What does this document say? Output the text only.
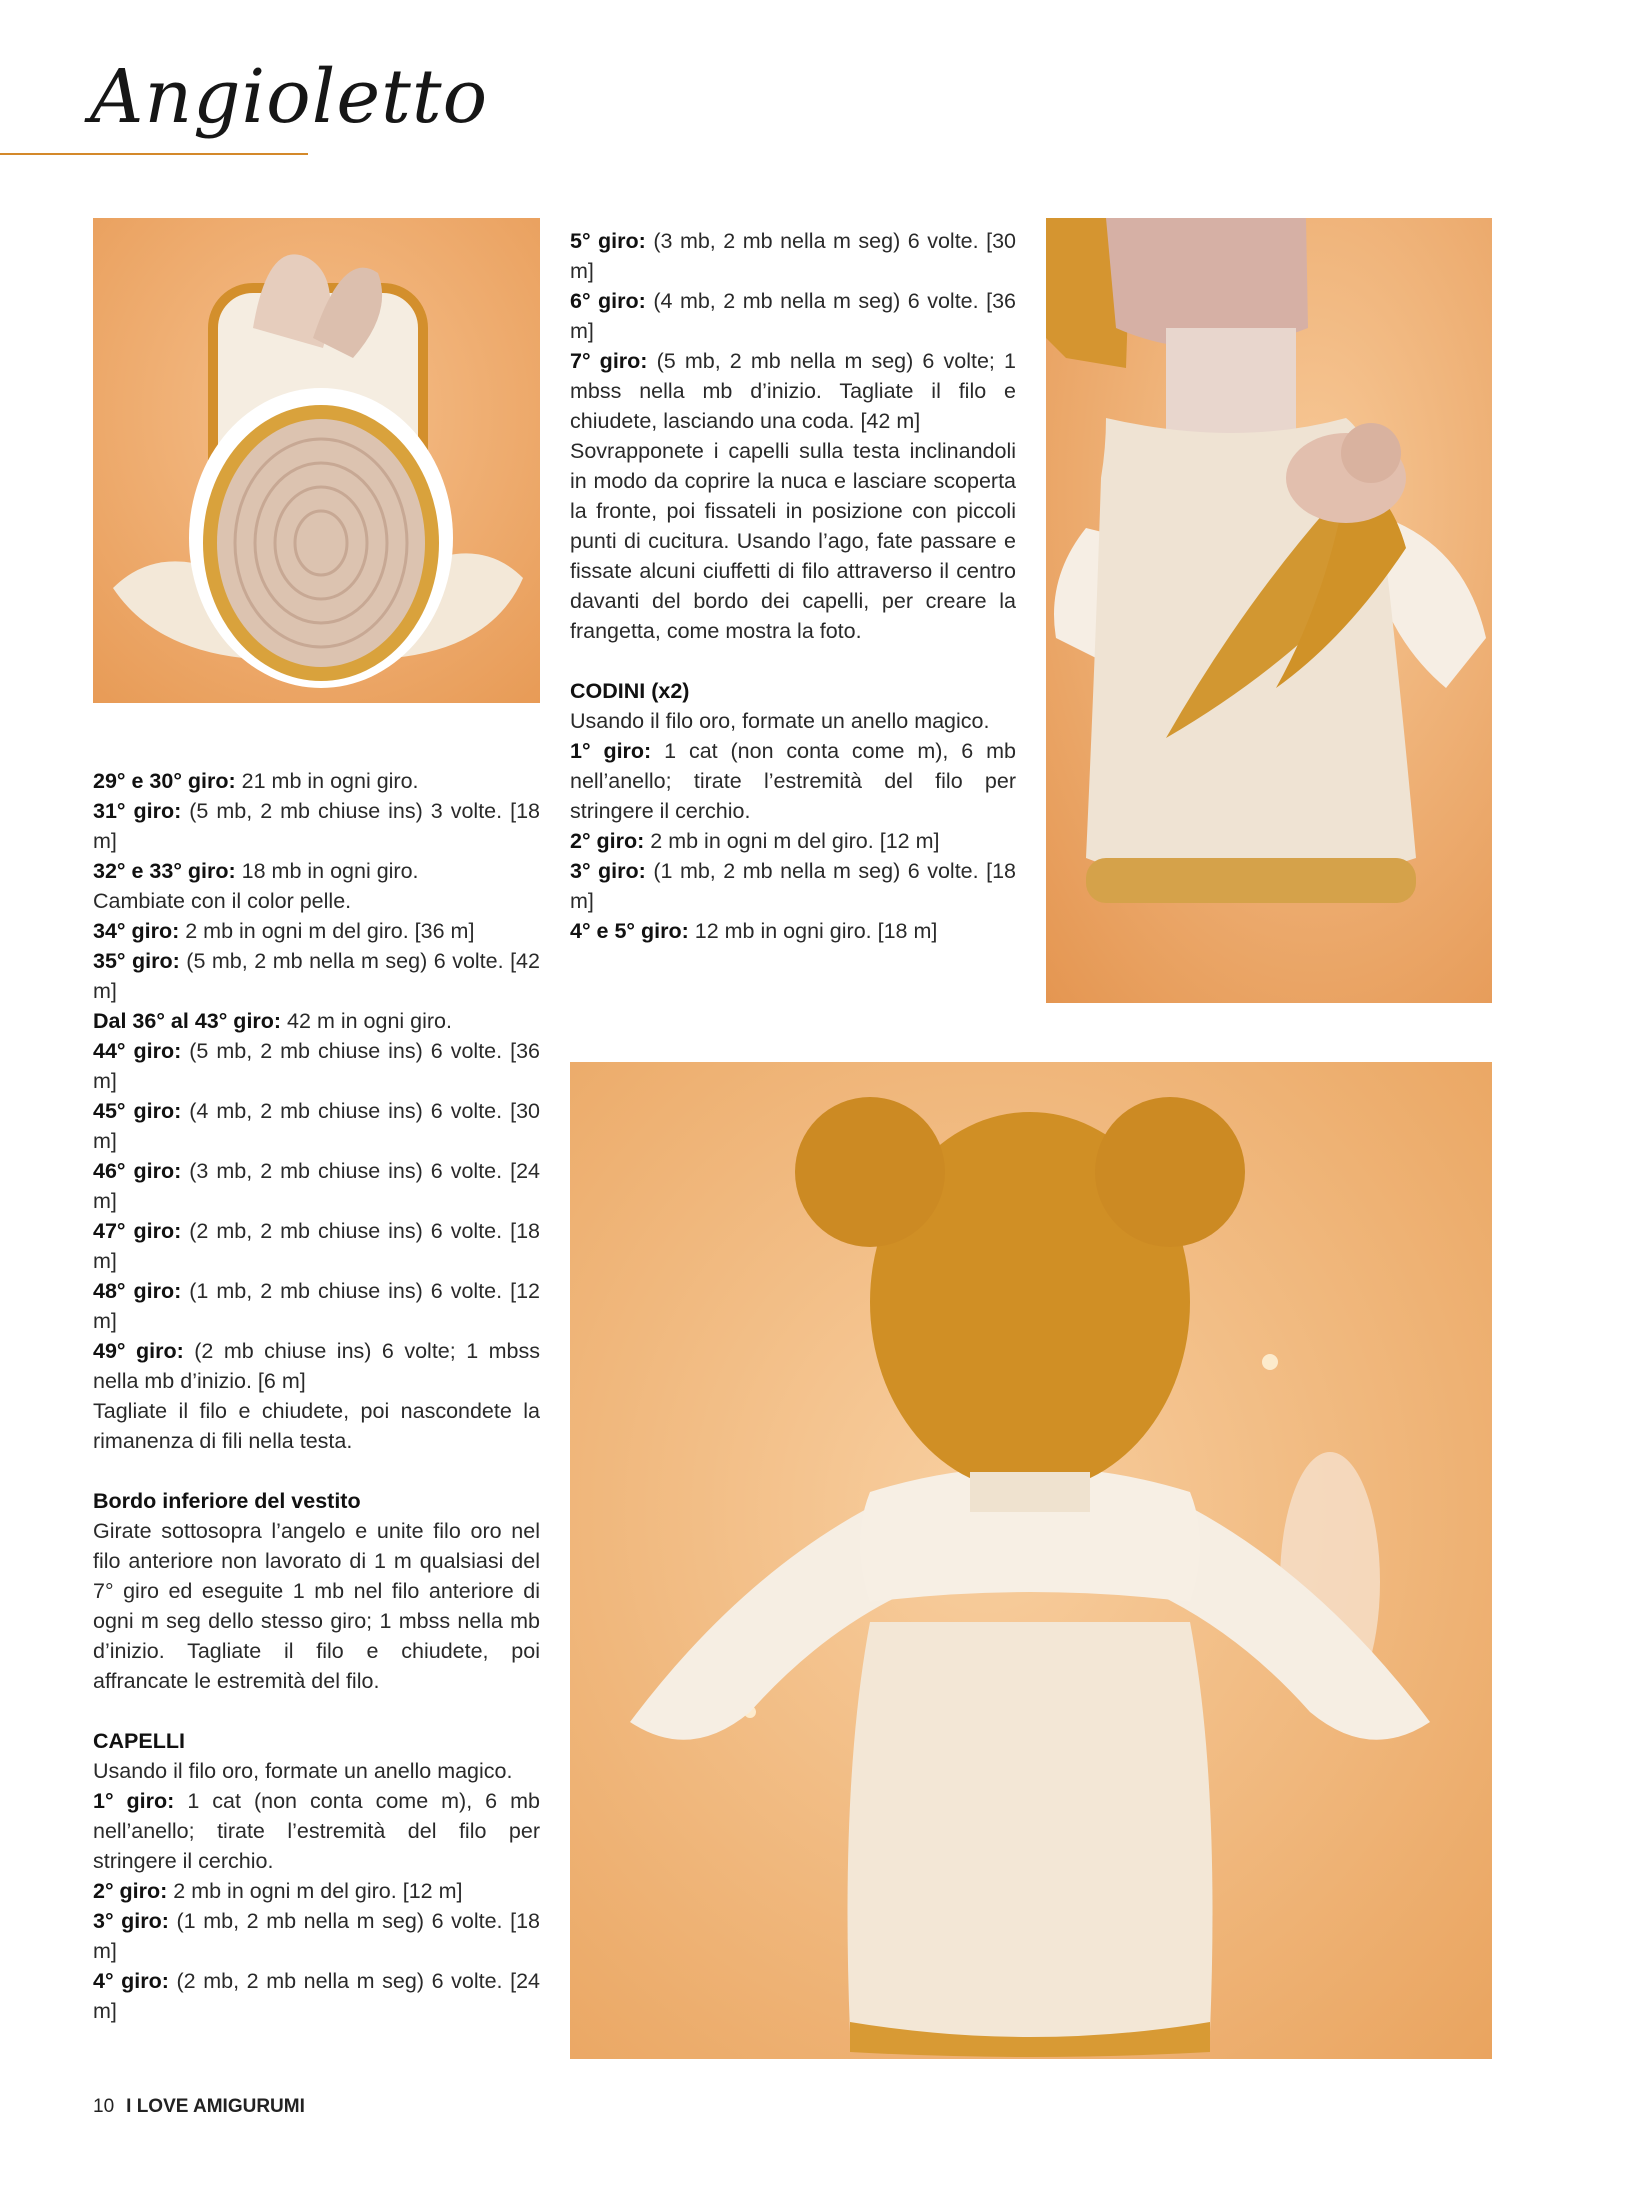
Angioletto

29° e 30° giro: 21 mb in ogni giro.

31° giro: (5 mb, 2 mb chiuse ins) 3 volte. [18 m]

32° e 33° giro: 18 mb in ogni giro.

Cambiate con il color pelle.

34° giro: 2 mb in ogni m del giro. [36 m]

35° giro: (5 mb, 2 mb nella m seg) 6 volte. [42 m]

Dal 36° al 43° giro: 42 m in ogni giro.

44° giro: (5 mb, 2 mb chiuse ins) 6 volte. [36 m]

45° giro: (4 mb, 2 mb chiuse ins) 6 volte. [30 m]

46° giro: (3 mb, 2 mb chiuse ins) 6 volte. [24 m]

47° giro: (2 mb, 2 mb chiuse ins) 6 volte. [18 m]

48° giro: (1 mb, 2 mb chiuse ins) 6 volte. [12 m]

49° giro: (2 mb chiuse ins) 6 volte; 1 mbss nella mb d’inizio. [6 m]

Tagliate il filo e chiudete, poi nascondete la rimanenza di fili nella testa.

Bordo inferiore del vestito

Girate sottosopra l’angelo e unite filo oro nel filo anteriore non lavorato di 1 m qualsiasi del 7° giro ed eseguite 1 mb nel filo anteriore di ogni m seg dello stesso giro; 1 mbss nella mb d’inizio. Tagliate il filo e chiudete, poi affrancate le estremità del filo.

CAPELLI

Usando il filo oro, formate un anello magico.

1° giro: 1 cat (non conta come m), 6 mb nell’anello; tirate l’estremità del filo per stringere il cerchio.

2° giro: 2 mb in ogni m del giro. [12 m]

3° giro: (1 mb, 2 mb nella m seg) 6 volte. [18 m]

4° giro: (2 mb, 2 mb nella m seg) 6 volte. [24 m]

5° giro: (3 mb, 2 mb nella m seg) 6 volte. [30 m]

6° giro: (4 mb, 2 mb nella m seg) 6 volte. [36 m]

7° giro: (5 mb, 2 mb nella m seg) 6 volte; 1 mbss nella mb d’inizio. Tagliate il filo e chiudete, lasciando una coda. [42 m]

Sovrapponete i capelli sulla testa inclinandoli in modo da coprire la nuca e lasciare scoperta la fronte, poi fissateli in posizione con piccoli punti di cucitura. Usando l’ago, fate passare e fissate alcuni ciuffetti di filo attraverso il centro davanti del bordo dei capelli, per creare la frangetta, come mostra la foto.

CODINI (x2)

Usando il filo oro, formate un anello magico.

1° giro: 1 cat (non conta come m), 6 mb nell’anello; tirate l’estremità del filo per stringere il cerchio.

2° giro: 2 mb in ogni m del giro. [12 m]

3° giro: (1 mb, 2 mb nella m seg) 6 volte. [18 m]

4° e 5° giro: 12 mb in ogni giro. [18 m]

10 I LOVE AMIGURUMI
